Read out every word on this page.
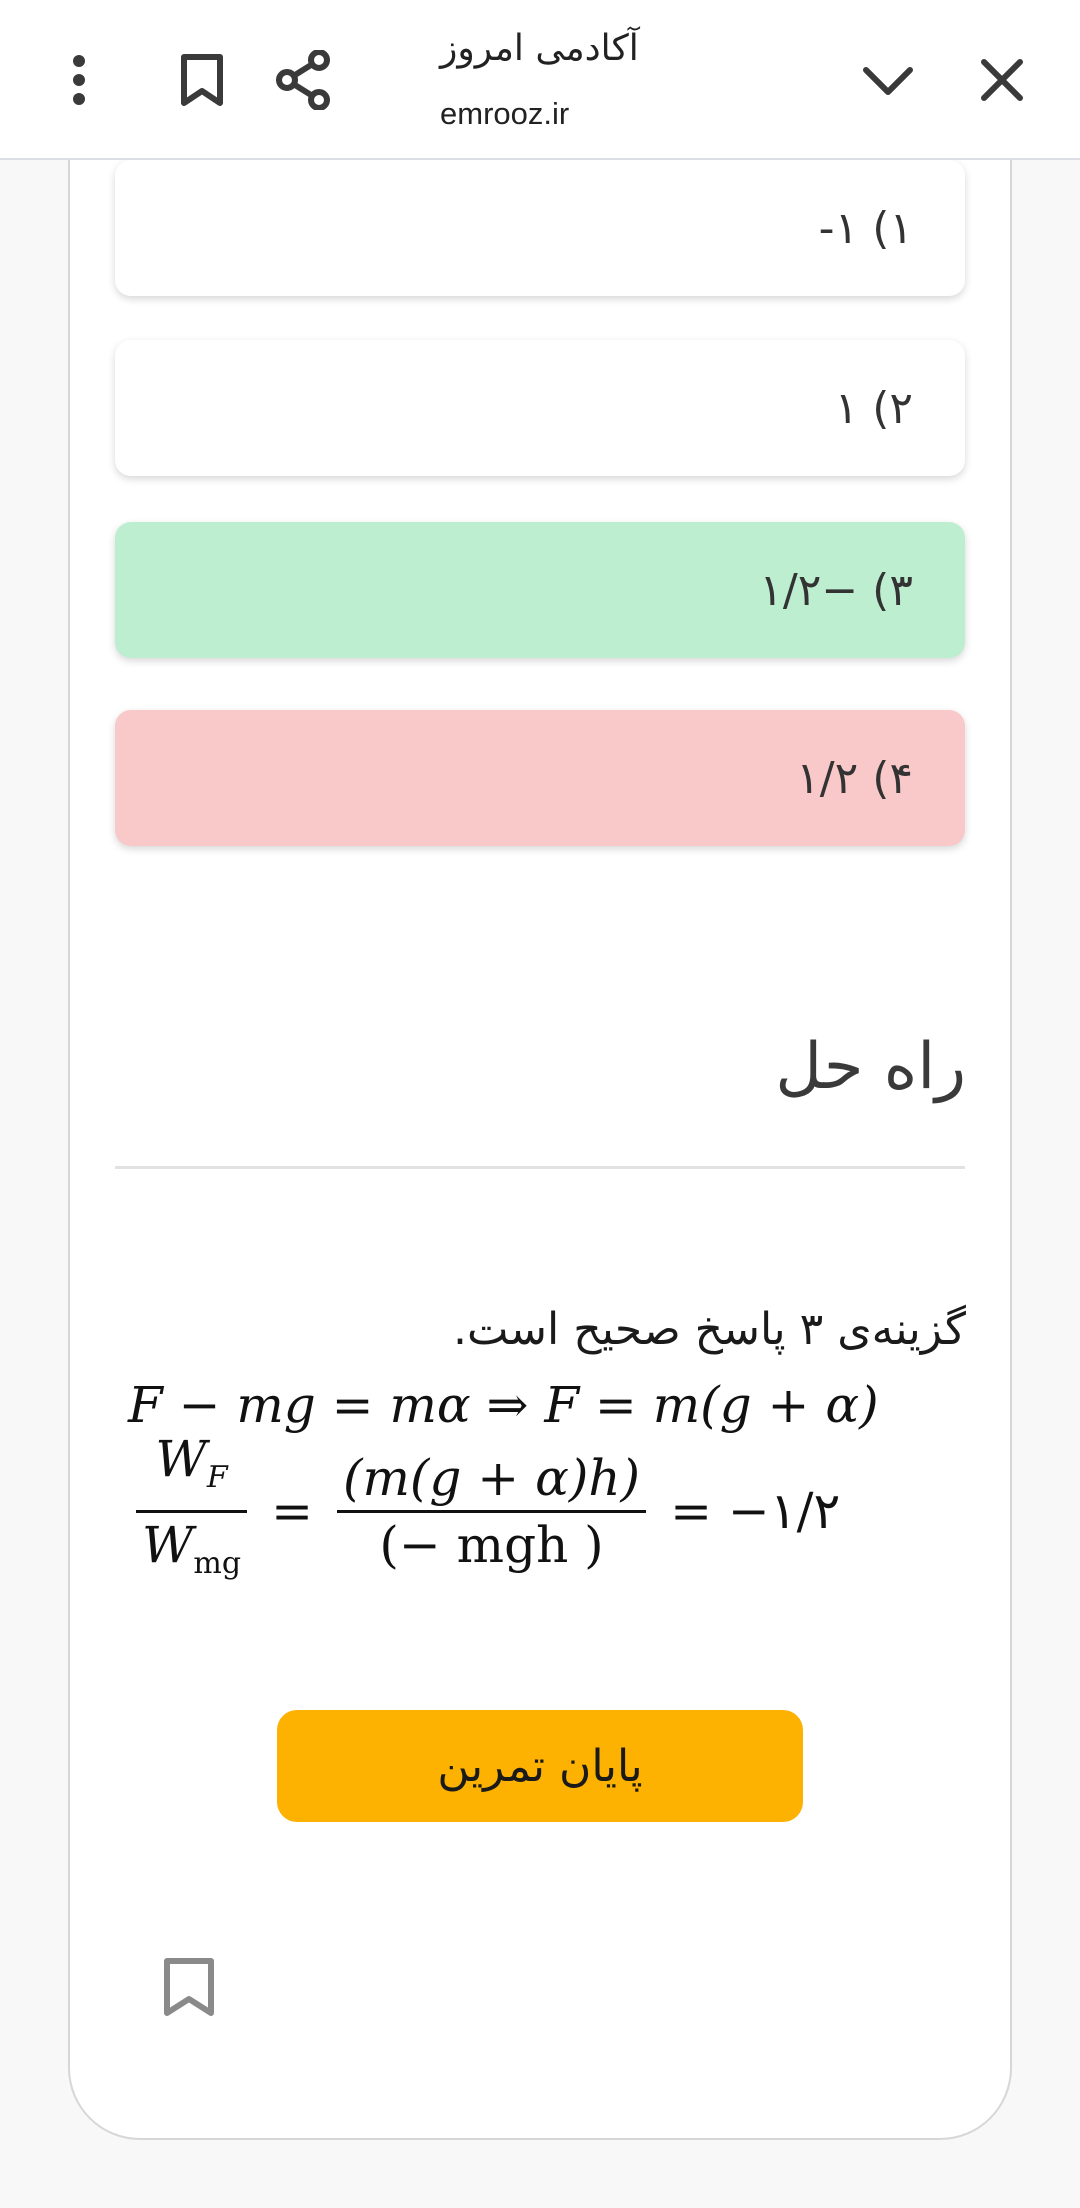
آکادمی امروز
emrooz.ir
۱) ۱-
۲) ۱
۳) −۱/۲
۴) ۱/۲
راه حل
گزینه‌ی ۳ پاسخ صحیح است.
F − mg = mα ⇒ F = m(g + α)
$\frac{W_F}{W_{mg}} = \frac{(m(g + \alpha)h)}{\text{(− mgh )}}$ = −۱/۲
پایان تمرین
